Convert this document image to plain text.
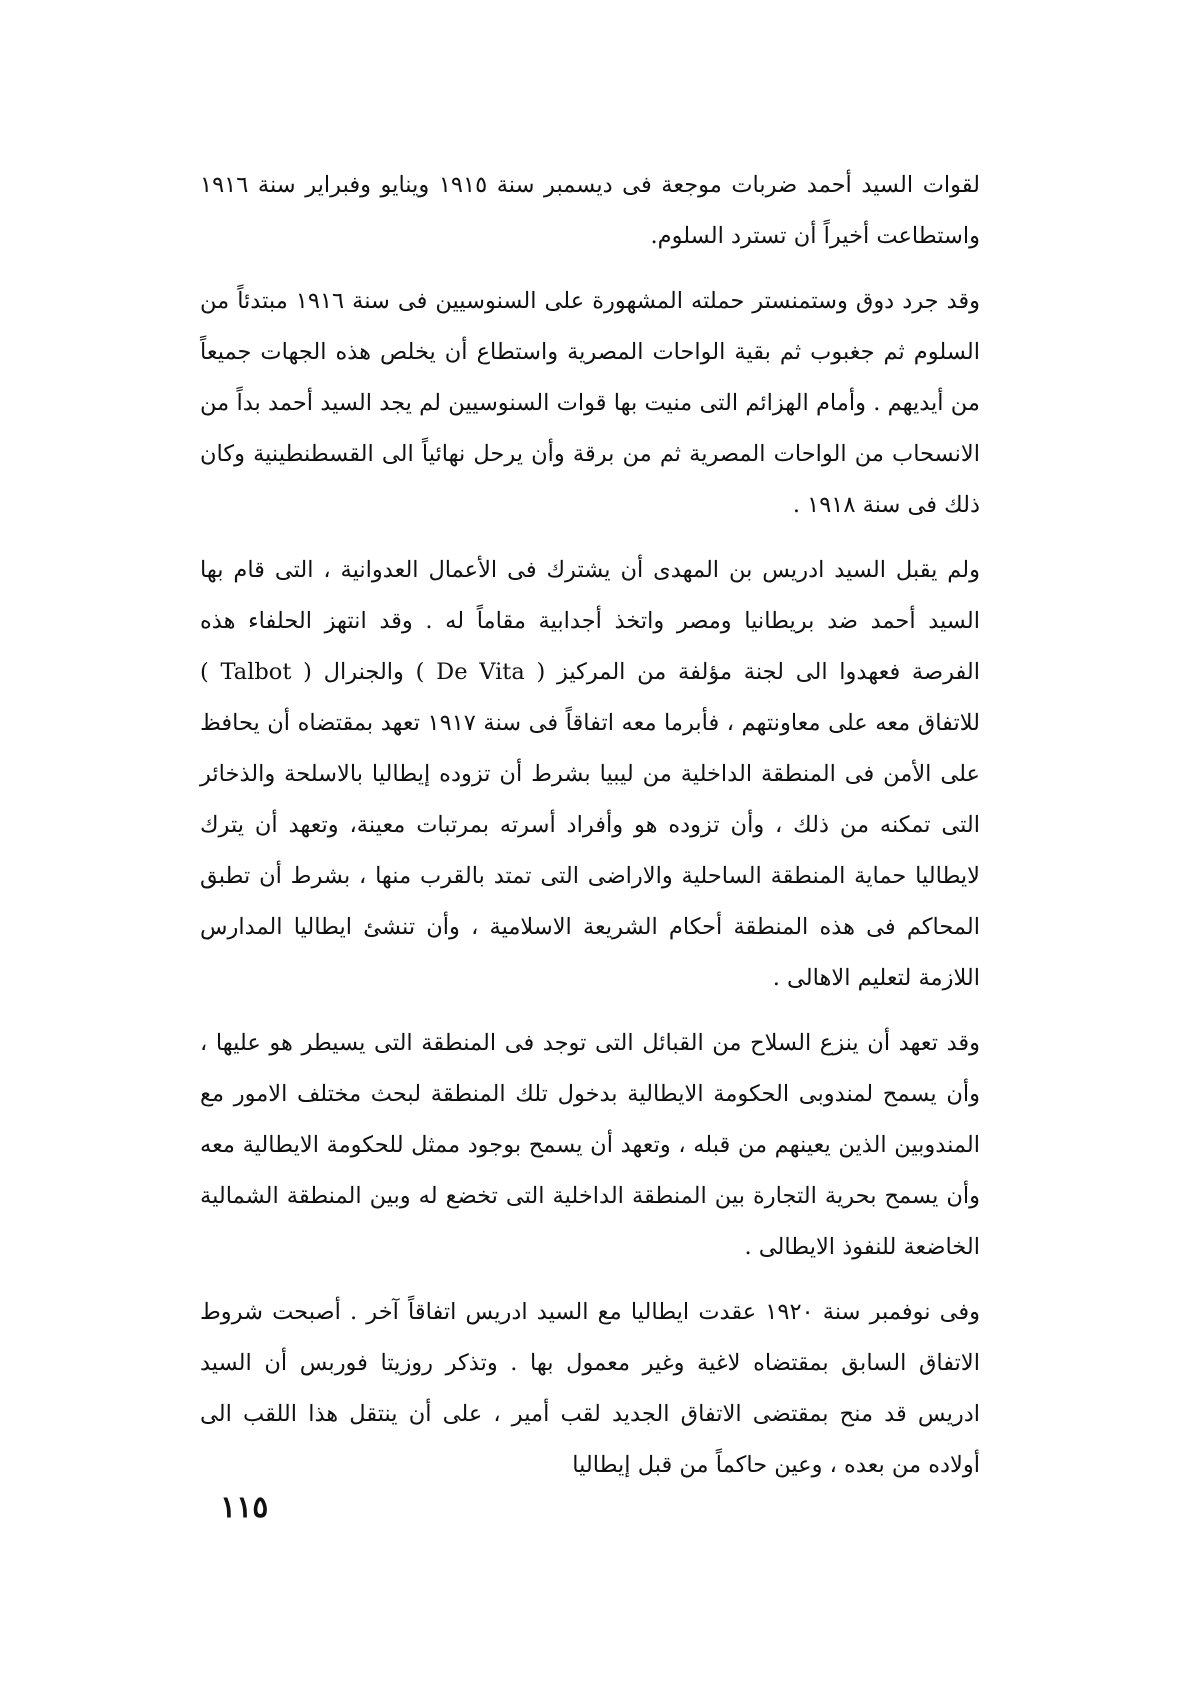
لقوات السيد أحمد ضربات موجعة فى ديسمبر سنة ١٩١٥ وينايو وفبراير سنة ١٩١٦ واستطاعت أخيراً أن تسترد السلوم.

وقد جرد دوق وستمنستر حملته المشهورة على السنوسيين فى سنة ١٩١٦ مبتدئاً من السلوم ثم جغبوب ثم بقية الواحات المصرية واستطاع أن يخلص هذه الجهات جميعاً من أيديهم . وأمام الهزائم التى منيت بها قوات السنوسيين لم يجد السيد أحمد بداً من الانسحاب من الواحات المصرية ثم من برقة وأن يرحل نهائياً الى القسطنطينية وكان ذلك فى سنة ١٩١٨ .

ولم يقبل السيد ادريس بن المهدى أن يشترك فى الأعمال العدوانية ، التى قام بها السيد أحمد ضد بريطانيا ومصر واتخذ أجدابية مقاماً له . وقد انتهز الحلفاء هذه الفرصة فعهدوا الى لجنة مؤلفة من المركيز ( De Vita ) والجنرال ( Talbot ) للاتفاق معه على معاونتهم ، فأبرما معه اتفاقاً فى سنة ١٩١٧ تعهد بمقتضاه أن يحافظ على الأمن فى المنطقة الداخلية من ليبيا بشرط أن تزوده إيطاليا بالاسلحة والذخائر التى تمكنه من ذلك ، وأن تزوده هو وأفراد أسرته بمرتبات معينة، وتعهد أن يترك لايطاليا حماية المنطقة الساحلية والاراضى التى تمتد بالقرب منها ، بشرط أن تطبق المحاكم فى هذه المنطقة أحكام الشريعة الاسلامية ، وأن تنشئ ايطاليا المدارس اللازمة لتعليم الاهالى .

وقد تعهد أن ينزع السلاح من القبائل التى توجد فى المنطقة التى يسيطر هو عليها ، وأن يسمح لمندوبى الحكومة الايطالية بدخول تلك المنطقة لبحث مختلف الامور مع المندوبين الذين يعينهم من قبله ، وتعهد أن يسمح بوجود ممثل للحكومة الايطالية معه وأن يسمح بحرية التجارة بين المنطقة الداخلية التى تخضع له وبين المنطقة الشمالية الخاضعة للنفوذ الايطالى .

وفى نوفمبر سنة ١٩٢٠ عقدت ايطاليا مع السيد ادريس اتفاقاً آخر . أصبحت شروط الاتفاق السابق بمقتضاه لاغية وغير معمول بها . وتذكر روزيتا فوربس أن السيد ادريس قد منح بمقتضى الاتفاق الجديد لقب أمير ، على أن ينتقل هذا اللقب الى أولاده من بعده ، وعين حاكماً من قبل إيطاليا

١١٥
